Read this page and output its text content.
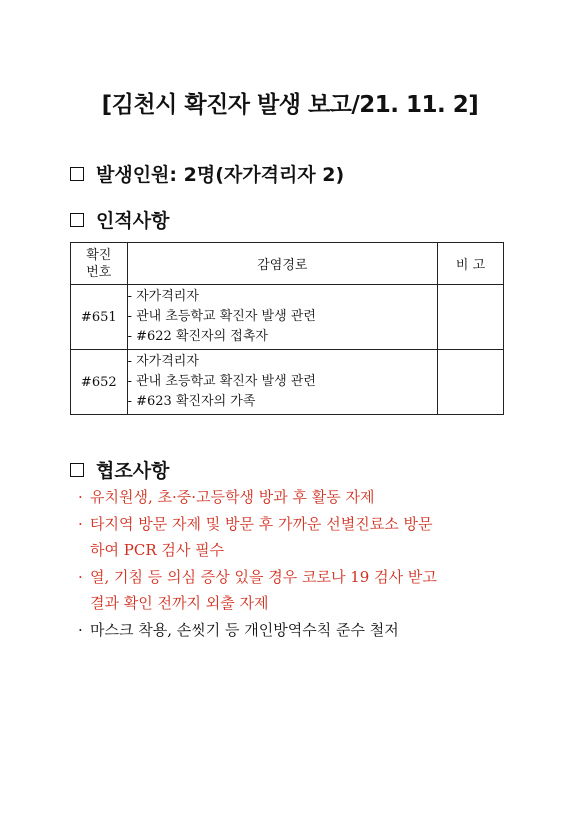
[김천시 확진자 발생 보고/21. 11. 2]
발생인원: 2명(자가격리자 2)
인적사항
확진
번호	감염경로	비 고
#651	- 자가격리자
- 관내 초등학교 확진자 발생 관련
- #622 확진자의 접촉자	

#652	- 자가격리자
- 관내 초등학교 확진자 발생 관련
- #623 확진자의 가족	

협조사항
· 유치원생, 초·중·고등학생 방과 후 활동 자제
· 타지역 방문 자제 및 방문 후 가까운 선별진료소 방문
하여 PCR 검사 필수
· 열, 기침 등 의심 증상 있을 경우 코로나 19 검사 받고
결과 확인 전까지 외출 자제
· 마스크 착용, 손씻기 등 개인방역수칙 준수 철저
